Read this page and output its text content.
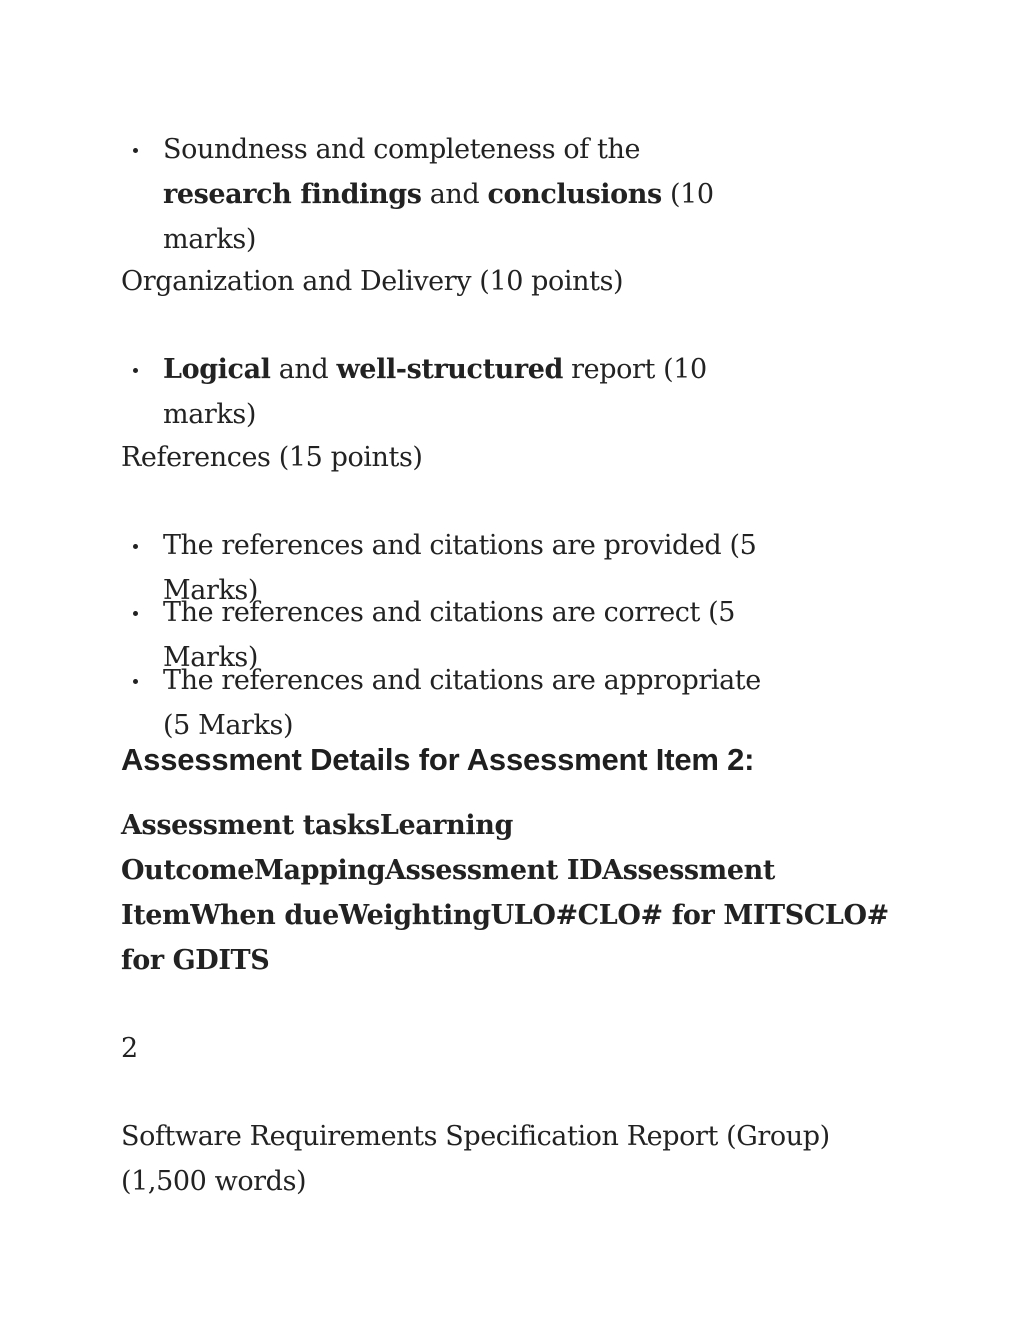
Soundness and completeness of the research findings and conclusions (10 marks)

Organization and Delivery (10 points)

Logical and well-structured report (10 marks)

References (15 points)

The references and citations are provided (5 Marks)
The references and citations are correct (5 Marks)
The references and citations are appropriate (5 Marks)
Assessment Details for Assessment Item 2:

Assessment tasksLearning OutcomeMappingAssessment IDAssessment ItemWhen dueWeightingULO#CLO# for MITSCLO# for GDITS

2

Software Requirements Specification Report (Group) (1,500 words)
